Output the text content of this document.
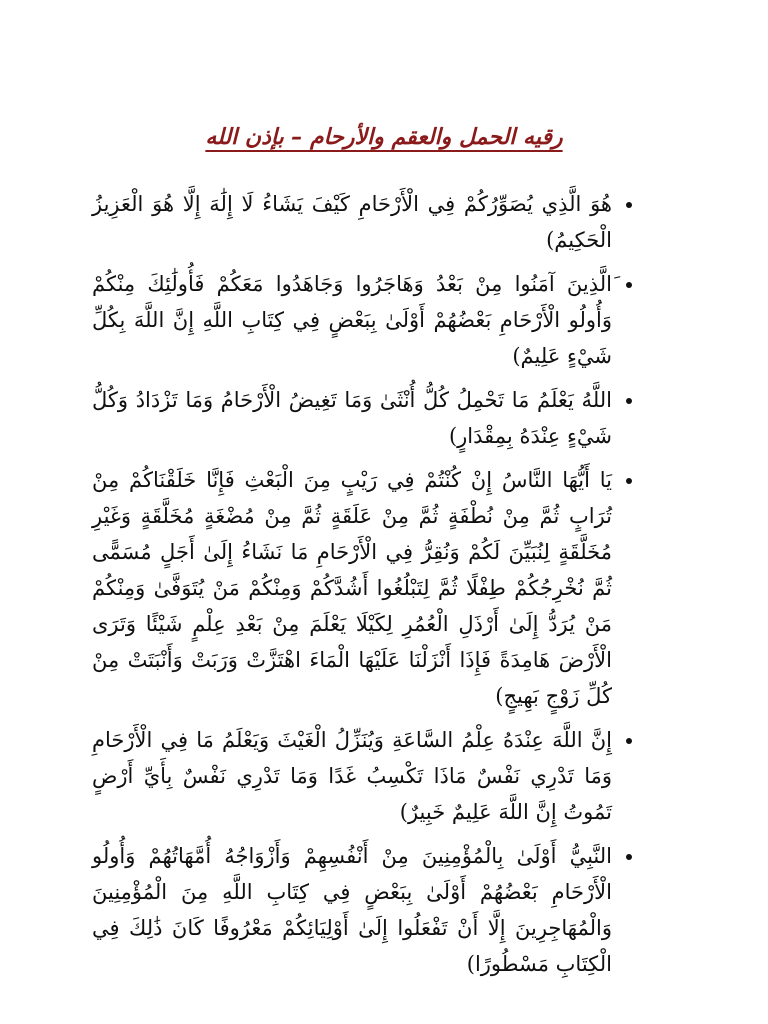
رقيه الحمل والعقم والأرحام – بإذن الله
هُوَ الَّذِي يُصَوِّرُكُمْ فِي الْأَرْحَامِ كَيْفَ يَشَاءُ لَا إِلَٰهَ إِلَّا هُوَ الْعَزِيزُ الْحَكِيمُ)
َالَّذِينَ آمَنُوا مِنْ بَعْدُ وَهَاجَرُوا وَجَاهَدُوا مَعَكُمْ فَأُولَٰئِكَ مِنْكُمْ وَأُولُو الْأَرْحَامِ بَعْضُهُمْ أَوْلَىٰ بِبَعْضٍ فِي كِتَابِ اللَّهِ إِنَّ اللَّهَ بِكُلِّ شَيْءٍ عَلِيمٌ)
اللَّهُ يَعْلَمُ مَا تَحْمِلُ كُلُّ أُنْثَىٰ وَمَا تَغِيضُ الْأَرْحَامُ وَمَا تَزْدَادُ وَكُلُّ شَيْءٍ عِنْدَهُ بِمِقْدَارٍ)
يَا أَيُّهَا النَّاسُ إِنْ كُنْتُمْ فِي رَيْبٍ مِنَ الْبَعْثِ فَإِنَّا خَلَقْنَاكُمْ مِنْ تُرَابٍ ثُمَّ مِنْ نُطْفَةٍ ثُمَّ مِنْ عَلَقَةٍ ثُمَّ مِنْ مُضْغَةٍ مُخَلَّقَةٍ وَغَيْرِ مُخَلَّقَةٍ لِنُبَيِّنَ لَكُمْ وَنُقِرُّ فِي الْأَرْحَامِ مَا نَشَاءُ إِلَىٰ أَجَلٍ مُسَمًّى ثُمَّ نُخْرِجُكُمْ طِفْلًا ثُمَّ لِتَبْلُغُوا أَشُدَّكُمْ وَمِنْكُمْ مَنْ يُتَوَفَّىٰ وَمِنْكُمْ مَنْ يُرَدُّ إِلَىٰ أَرْذَلِ الْعُمُرِ لِكَيْلَا يَعْلَمَ مِنْ بَعْدِ عِلْمٍ شَيْئًا وَتَرَى الْأَرْضَ هَامِدَةً فَإِذَا أَنْزَلْنَا عَلَيْهَا الْمَاءَ اهْتَزَّتْ وَرَبَتْ وَأَنْبَتَتْ مِنْ كُلِّ زَوْجٍ بَهِيجٍ)
إِنَّ اللَّهَ عِنْدَهُ عِلْمُ السَّاعَةِ وَيُنَزِّلُ الْغَيْثَ وَيَعْلَمُ مَا فِي الْأَرْحَامِ وَمَا تَدْرِي نَفْسٌ مَاذَا تَكْسِبُ غَدًا وَمَا تَدْرِي نَفْسٌ بِأَيِّ أَرْضٍ تَمُوتُ إِنَّ اللَّهَ عَلِيمٌ خَبِيرٌ)
النَّبِيُّ أَوْلَىٰ بِالْمُؤْمِنِينَ مِنْ أَنْفُسِهِمْ وَأَزْوَاجُهُ أُمَّهَاتُهُمْ وَأُولُو الْأَرْحَامِ بَعْضُهُمْ أَوْلَىٰ بِبَعْضٍ فِي كِتَابِ اللَّهِ مِنَ الْمُؤْمِنِينَ وَالْمُهَاجِرِينَ إِلَّا أَنْ تَفْعَلُوا إِلَىٰ أَوْلِيَائِكُمْ مَعْرُوفًا كَانَ ذَٰلِكَ فِي الْكِتَابِ مَسْطُورًا)
